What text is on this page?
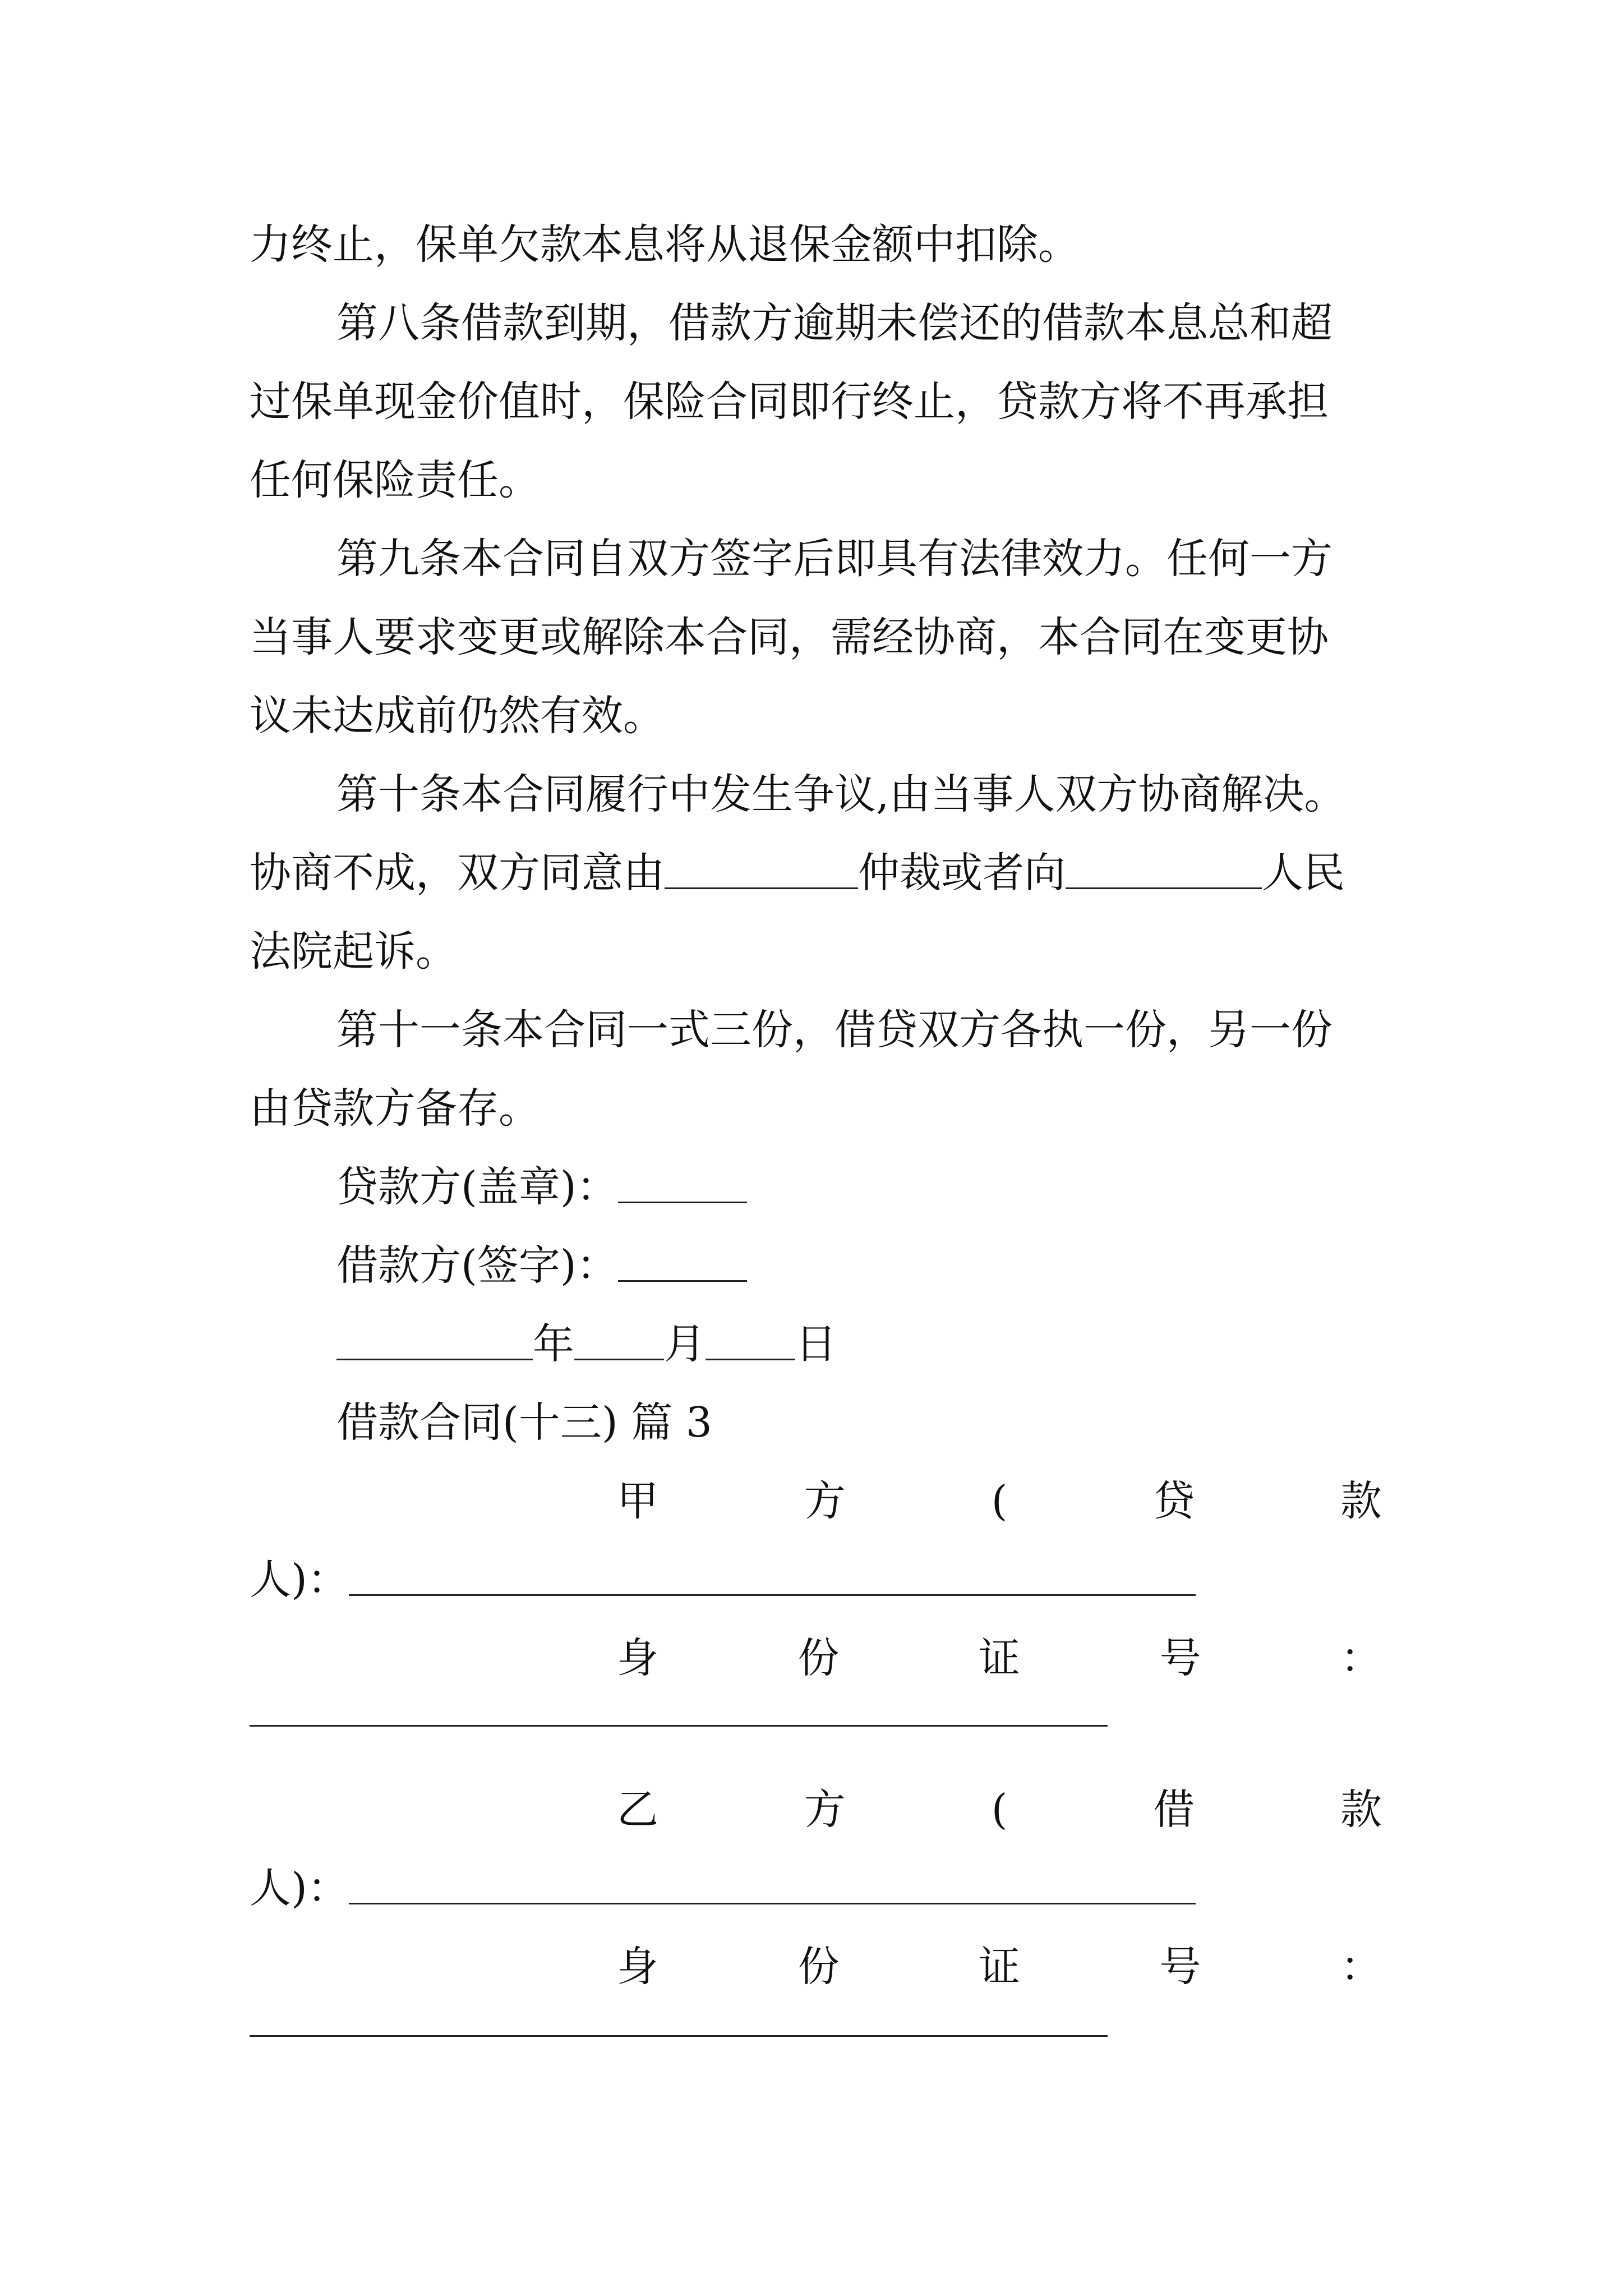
力终止，保单欠款本息将从退保金额中扣除。
第八条借款到期，借款方逾期未偿还的借款本息总和超
过保单现金价值时，保险合同即行终止，贷款方将不再承担
任何保险责任。
第九条本合同自双方签字后即具有法律效力。任何一方
当事人要求变更或解除本合同，需经协商，本合同在变更协
议未达成前仍然有效。
第十条本合同履行中发生争议,由当事人双方协商解决。
协商不成，双方同意由	仲裁或者向	人民
法院起诉。
第十一条本合同一式三份，借贷双方各执一份，另一份
由贷款方备存。
贷款方(盖章)：
借款方(签字)：
年 月 日
借款合同(十三) 篇 3
甲	方	(	贷	款
人)：
身	份	证	号	：
乙	方	(	借	款
人)：
身	份	证	号	：
